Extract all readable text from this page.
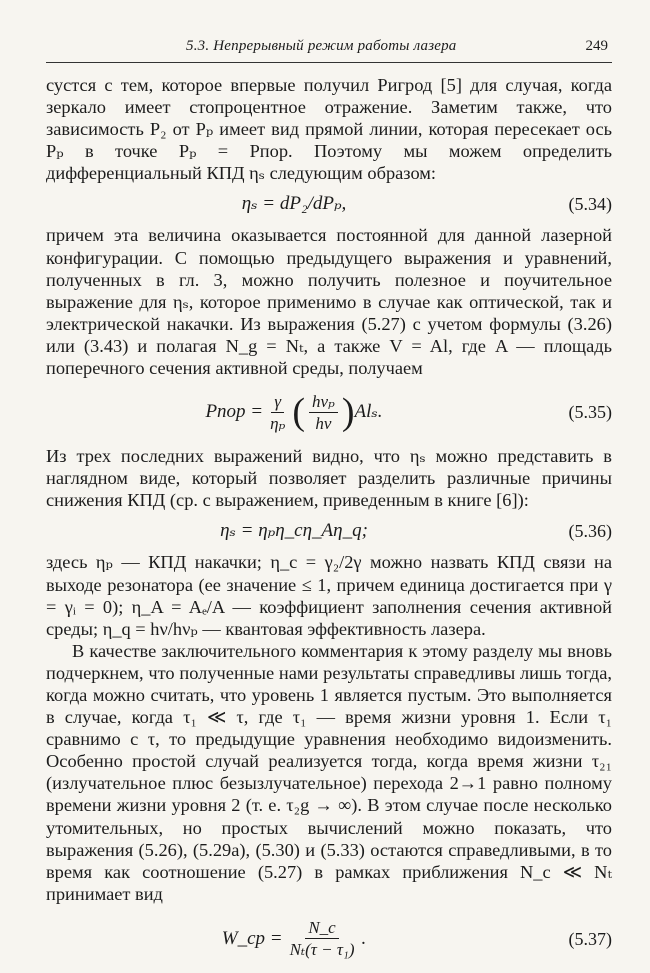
5.3. Непрерывный режим работы лазера	249

сустся с тем, которое впервые получил Ригрод [5] для случая, когда зеркало имеет стопроцентное отражение. Заметим также, что зависимость P₂ от Pₚ имеет вид прямой линии, которая пересекает ось Pₚ в точке Pₚ = Pпор. Поэтому мы можем определить дифференциальный КПД ηₛ следующим образом:

ηₛ = dP₂/dPₚ,	(5.34)

причем эта величина оказывается постоянной для данной лазерной конфигурации. С помощью предыдущего выражения и уравнений, полученных в гл. 3, можно получить полезное и поучительное выражение для ηₛ, которое применимо в случае как оптической, так и электрической накачки. Из выражения (5.27) с учетом формулы (3.26) или (3.43) и полагая N_g = Nₜ, а также V = Al, где A — площадь поперечного сечения активной среды, получаем

Pпор = $\frac{\gamma}{\text{ηₚ}}$ ( $\frac{\text{hνₚ}}{h\nu}$ ) Alₛ.	(5.35)

Из трех последних выражений видно, что ηₛ можно представить в наглядном виде, который позволяет разделить различные причины снижения КПД (ср. с выражением, приведенным в книге [6]):

ηₛ = ηₚη_cη_Aη_q;	(5.36)

здесь ηₚ — КПД накачки; η_c = γ₂/2γ можно назвать КПД связи на выходе резонатора (ее значение ≤ 1, причем единица достигается при γ = γᵢ = 0); η_A = Aₑ/A — коэффициент заполнения сечения активной среды; η_q = hν/hνₚ — квантовая эффективность лазера.

В качестве заключительного комментария к этому разделу мы вновь подчеркнем, что полученные нами результаты справедливы лишь тогда, когда можно считать, что уровень 1 является пустым. Это выполняется в случае, когда τ₁ ≪ τ, где τ₁ — время жизни уровня 1. Если τ₁ сравнимо с τ, то предыдущие уравнения необходимо видоизменить. Особенно простой случай реализуется тогда, когда время жизни τ₂₁ (излучательное плюс безызлучательное) перехода 2→1 равно полному времени жизни уровня 2 (т. е. τ₂g → ∞). В этом случае после несколько утомительных, но простых вычислений можно показать, что выражения (5.26), (5.29a), (5.30) и (5.33) остаются справедливыми, в то время как соотношение (5.27) в рамках приближения N_c ≪ Nₜ принимает вид

W_cp = $\frac{N\_c}{\text{Nₜ(τ − τ₁)}}$ .	(5.37)
